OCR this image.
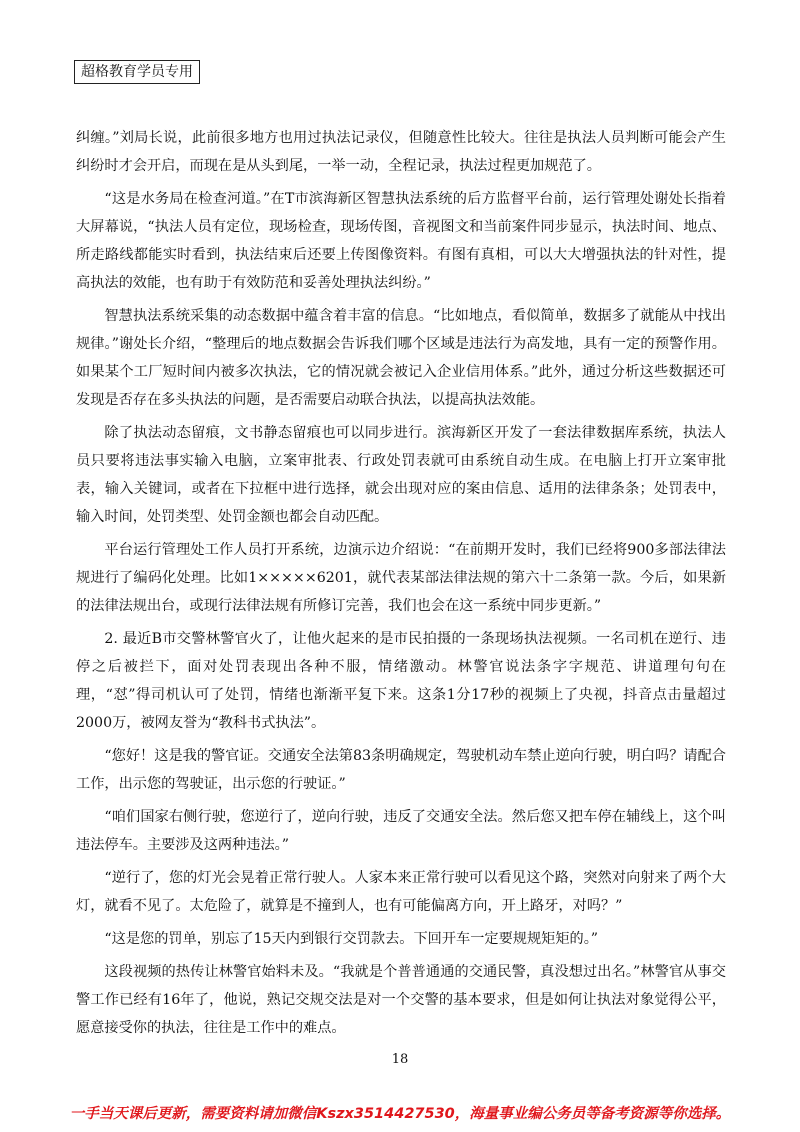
超格教育学员专用

纠缠。”刘局长说，此前很多地方也用过执法记录仪，但随意性比较大。往往是执法人员判断可能会产生纠纷时才会开启，而现在是从头到尾，一举一动，全程记录，执法过程更加规范了。

“这是水务局在检查河道。”在T市滨海新区智慧执法系统的后方监督平台前，运行管理处谢处长指着大屏幕说，“执法人员有定位，现场检查，现场传图，音视图文和当前案件同步显示，执法时间、地点、所走路线都能实时看到，执法结束后还要上传图像资料。有图有真相，可以大大增强执法的针对性，提高执法的效能，也有助于有效防范和妥善处理执法纠纷。”

智慧执法系统采集的动态数据中蕴含着丰富的信息。“比如地点，看似简单，数据多了就能从中找出规律。”谢处长介绍，“整理后的地点数据会告诉我们哪个区域是违法行为高发地，具有一定的预警作用。如果某个工厂短时间内被多次执法，它的情况就会被记入企业信用体系。”此外，通过分析这些数据还可发现是否存在多头执法的问题，是否需要启动联合执法，以提高执法效能。

除了执法动态留痕，文书静态留痕也可以同步进行。滨海新区开发了一套法律数据库系统，执法人员只要将违法事实输入电脑，立案审批表、行政处罚表就可由系统自动生成。在电脑上打开立案审批表，输入关键词，或者在下拉框中进行选择，就会出现对应的案由信息、适用的法律条条；处罚表中，输入时间，处罚类型、处罚金额也都会自动匹配。

平台运行管理处工作人员打开系统，边演示边介绍说：“在前期开发时，我们已经将900多部法律法规进行了编码化处理。比如1×××××6201，就代表某部法律法规的第六十二条第一款。今后，如果新的法律法规出台，或现行法律法规有所修订完善，我们也会在这一系统中同步更新。”

2. 最近B市交警林警官火了，让他火起来的是市民拍摄的一条现场执法视频。一名司机在逆行、违停之后被拦下，面对处罚表现出各种不服，情绪激动。林警官说法条字字规范、讲道理句句在理，“怼”得司机认可了处罚，情绪也渐渐平复下来。这条1分17秒的视频上了央视，抖音点击量超过2000万，被网友誉为“教科书式执法”。

“您好！这是我的警官证。交通安全法第83条明确规定，驾驶机动车禁止逆向行驶，明白吗？请配合工作，出示您的驾驶证，出示您的行驶证。”

“咱们国家右侧行驶，您逆行了，逆向行驶，违反了交通安全法。然后您又把车停在辅线上，这个叫违法停车。主要涉及这两种违法。”

“逆行了，您的灯光会晃着正常行驶人。人家本来正常行驶可以看见这个路，突然对向射来了两个大灯，就看不见了。太危险了，就算是不撞到人，也有可能偏离方向，开上路牙，对吗？”

“这是您的罚单，别忘了15天内到银行交罚款去。下回开车一定要规规矩矩的。”

这段视频的热传让林警官始料未及。“我就是个普普通通的交通民警，真没想过出名。”林警官从事交警工作已经有16年了，他说，熟记交规交法是对一个交警的基本要求，但是如何让执法对象觉得公平，愿意接受你的执法，往往是工作中的难点。

18
一手当天课后更新，需要资料请加微信Kszx3514427530，海量事业编公务员等备考资源等你选择。
